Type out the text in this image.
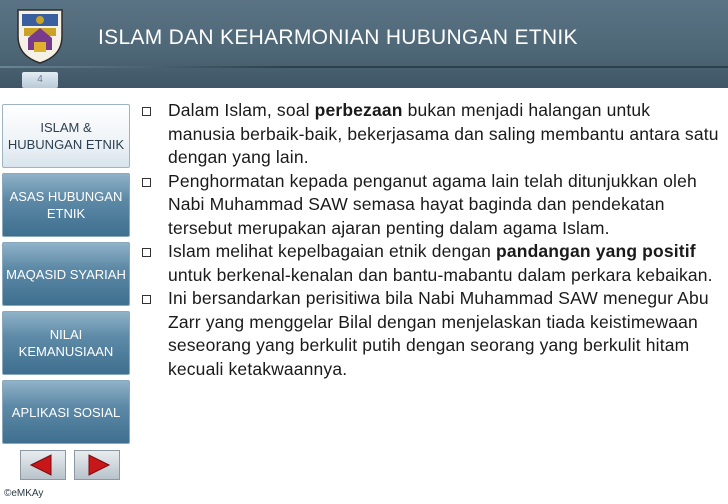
ISLAM DAN KEHARMONIAN HUBUNGAN ETNIK
4
ISLAM &
HUBUNGAN ETNIK
ASAS HUBUNGAN
ETNIK
MAQASID SYARIAH
NILAI
KEMANUSIAAN
APLIKASI SOSIAL
©eMKAy
Dalam Islam, soal perbezaan bukan menjadi halangan untuk manusia berbaik-baik, bekerjasama dan saling membantu antara satu dengan yang lain.
Penghormatan kepada penganut agama lain telah ditunjukkan oleh Nabi Muhammad SAW semasa hayat baginda dan pendekatan tersebut merupakan ajaran penting dalam agama Islam.
Islam melihat kepelbagaian etnik dengan pandangan yang positif untuk berkenal-kenalan dan bantu-mabantu dalam perkara kebaikan.
Ini bersandarkan perisitiwa bila Nabi Muhammad SAW menegur Abu Zarr yang menggelar Bilal dengan menjelaskan tiada keistimewaan seseorang yang berkulit putih dengan seorang yang berkulit hitam kecuali ketakwaannya.
